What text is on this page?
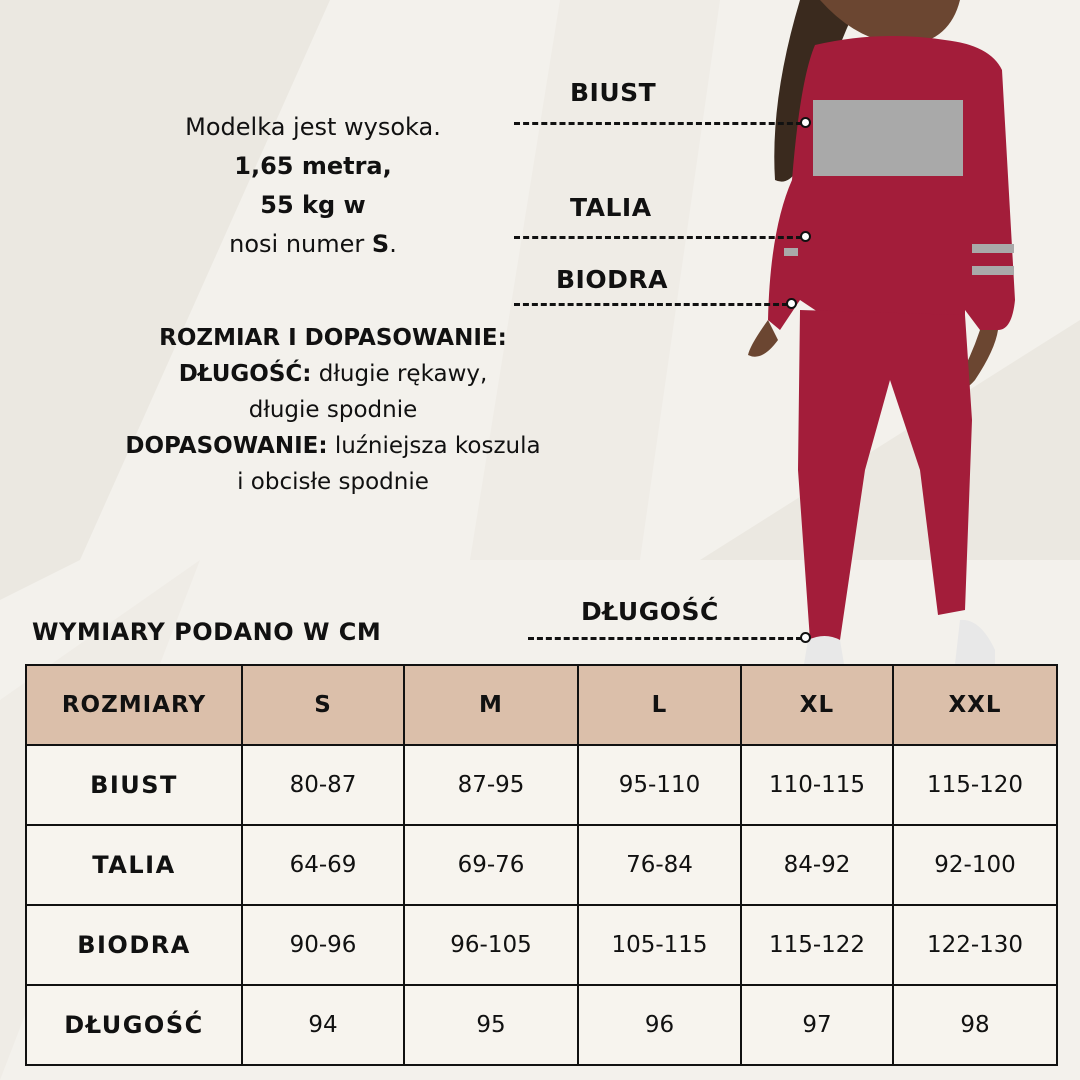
Modelka jest wysoka.
1,65 metra,
55 kg w
nosi numer S.
ROZMIAR I DOPASOWANIE:
DŁUGOŚĆ: długie rękawy,
długie spodnie
DOPASOWANIE: luźniejsza koszula
i obcisłe spodnie
BIUST
TALIA
BIODRA
DŁUGOŚĆ
WYMIARY PODANO W CM
ROZMIARY	S	M	L	XL	XXL
BIUST	80-87	87-95	95-110	110-115	115-120
TALIA	64-69	69-76	76-84	84-92	92-100
BIODRA	90-96	96-105	105-115	115-122	122-130
DŁUGOŚĆ	94	95	96	97	98
